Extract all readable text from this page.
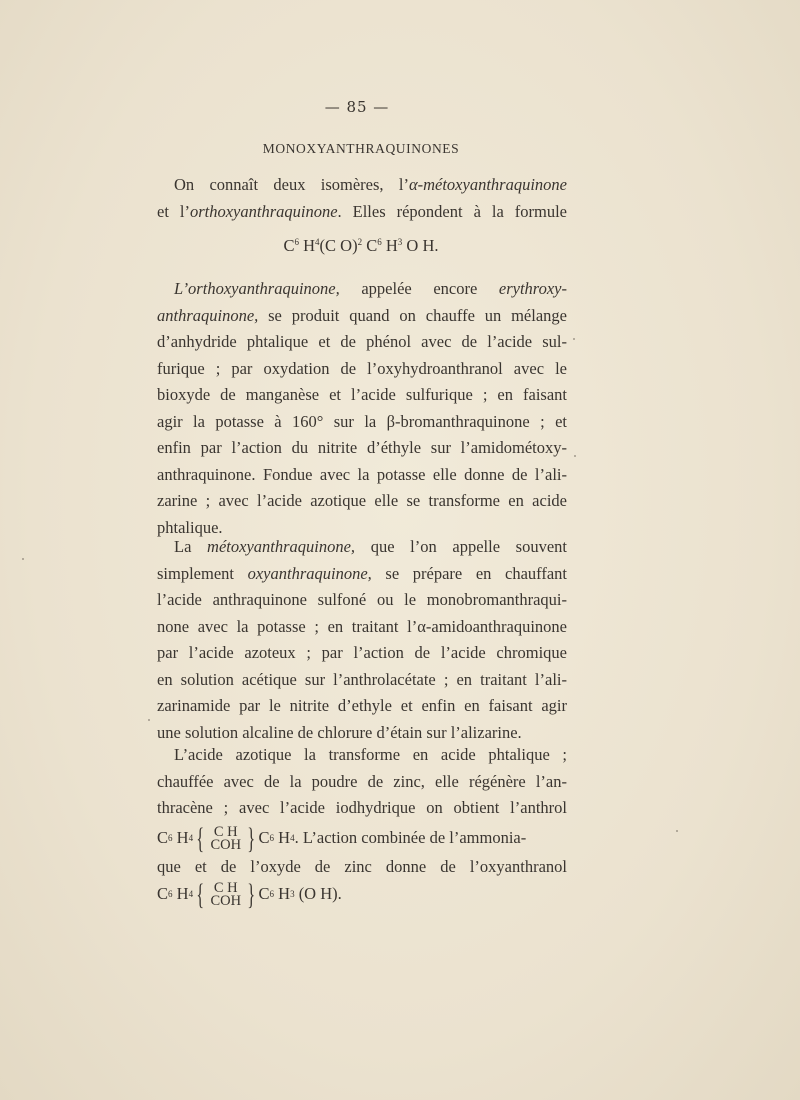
— 85 —
MONOXYANTHRAQUINONES
On connaît deux isomères, l’α-métoxyanthraquinone
et l’orthoxyanthraquinone. Elles répondent à la formule
$C^6$ $H^4(C$ O)$^2$ $C^6$ $H^3$ O H.
L’orthoxyanthraquinone, appelée encore erythroxy-
anthraquinone, se produit quand on chauffe un mélange
d’anhydride phtalique et de phénol avec de l’acide sul-
furique ; par oxydation de l’oxyhydroanthranol avec le
bioxyde de manganèse et l’acide sulfurique ; en faisant
agir la potasse à 160° sur la β-bromanthraquinone ; et
enfin par l’action du nitrite d’éthyle sur l’amidométoxy-
anthraquinone. Fondue avec la potasse elle donne de l’ali-
zarine ; avec l’acide azotique elle se transforme en acide
phtalique.
La métoxyanthraquinone, que l’on appelle souvent
simplement oxyanthraquinone, se prépare en chauffant
l’acide anthraquinone sulfoné ou le monobromanthraqui-
none avec la potasse ; en traitant l’α-amidoanthraquinone
par l’acide azoteux ; par l’action de l’acide chromique
en solution acétique sur l’anthrolacétate ; en traitant l’ali-
zarinamide par le nitrite d’ethyle et enfin en faisant agir
une solution alcaline de chlorure d’étain sur l’alizarine.
L’acide azotique la transforme en acide phtalique ;
chauffée avec de la poudre de zinc, elle régénère l’an-
thracène ; avec l’acide iodhydrique on obtient l’anthrol
C 6
H 4 { C H
COH } C 6
H 4 . L’action combinée de l’ammonia-
que et de l’oxyde de zinc donne de l’oxyanthranol
C 6
H 4 { C H
COH } C 6
H 3
(O H).
